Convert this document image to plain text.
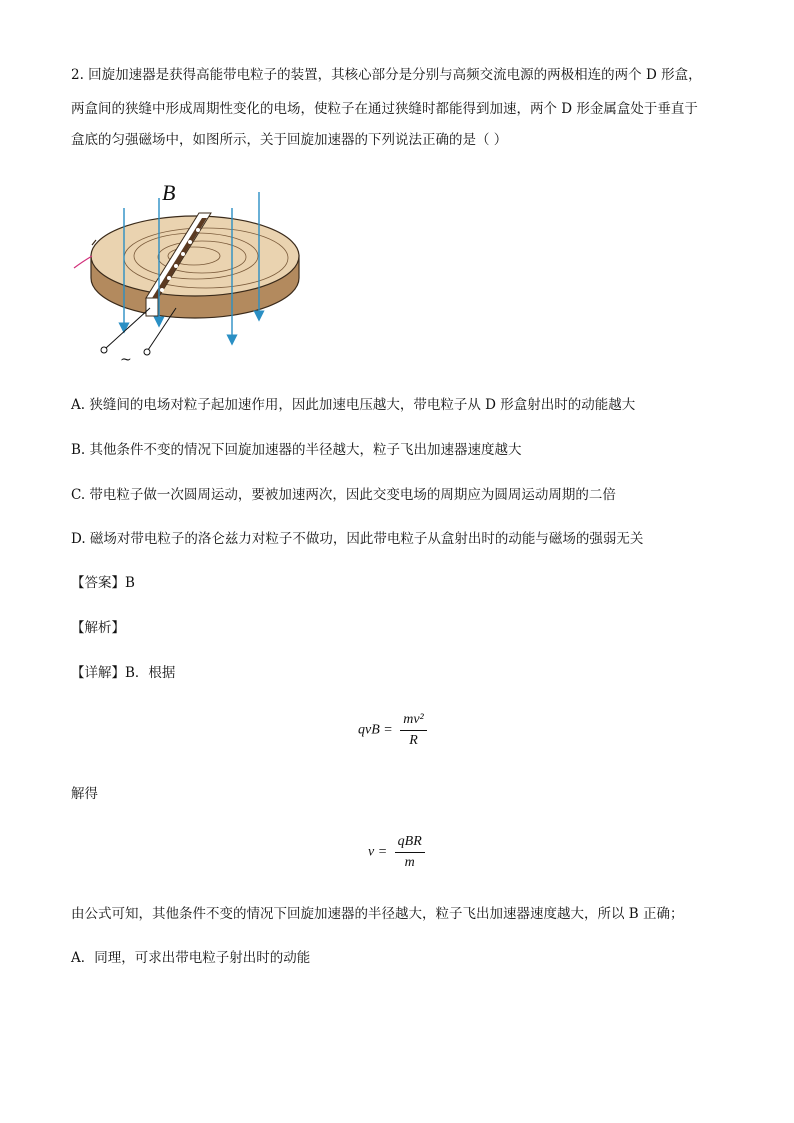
2. 回旋加速器是获得高能带电粒子的装置，其核心部分是分别与高频交流电源的两极相连的两个 D 形盒，
两盒间的狭缝中形成周期性变化的电场，使粒子在通过狭缝时都能得到加速，两个 D 形金属盒处于垂直于
盒底的匀强磁场中，如图所示，关于回旋加速器的下列说法正确的是（ ）
~
B
A. 狭缝间的电场对粒子起加速作用，因此加速电压越大，带电粒子从 D 形盒射出时的动能越大
B. 其他条件不变的情况下回旋加速器的半径越大，粒子飞出加速器速度越大
C. 带电粒子做一次圆周运动，要被加速两次，因此交变电场的周期应为圆周运动周期的二倍
D. 磁场对带电粒子的洛仑兹力对粒子不做功，因此带电粒子从盒射出时的动能与磁场的强弱无关
【答案】B
【解析】
【详解】B．根据
qvB = $\frac{\text{mv²}}{R}$
解得
$v = \frac{\text{qBR}}{m}$
由公式可知，其他条件不变的情况下回旋加速器的半径越大，粒子飞出加速器速度越大，所以 B 正确；
A．同理，可求出带电粒子射出时的动能
